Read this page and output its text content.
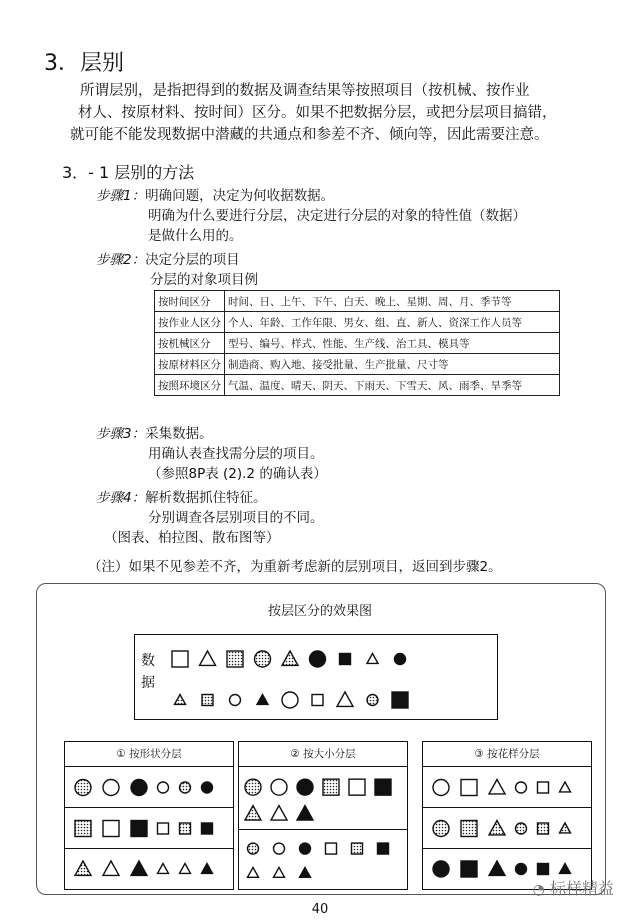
3．层别
所谓层别，是指把得到的数据及调查结果等按照项目（按机械、按作业
材人、按原材料、按时间）区分。如果不把数据分层，或把分层项目搞错，
就可能不能发现数据中潜藏的共通点和参差不齐、倾向等，因此需要注意。
3．- 1 层别的方法
步骤1：明确问题，决定为何收据数据。
明确为什么要进行分层，决定进行分层的对象的特性值（数据）
是做什么用的。
步骤2：决定分层的项目
分层的对象项目例
按时间区分	时间、日、上午、下午、白天、晚上、星期、周、月、季节等
按作业人区分	个人、年龄、工作年限、男女、组、直、新人、资深工作人员等
按机械区分	型号、编号、样式、性能、生产线、治工具、模具等
按原材料区分	制造商、购入地、接受批量、生产批量、尺寸等
按照环境区分	气温、温度、晴天、阴天、下雨天、下雪天、风、雨季、旱季等
步骤3：采集数据。
用确认表查找需分层的项目。
（参照8P表 (2).2 的确认表）
步骤4：解析数据抓住特征。
分别调查各层别项目的不同。
（图表、柏拉图、散布图等）
（注）如果不见参差不齐，为重新考虑新的层别项目，返回到步骤2。
按层区分的效果图
数据
① 按形状分层	② 按大小分层	③ 按花样分层
40
◔ 标样精益
